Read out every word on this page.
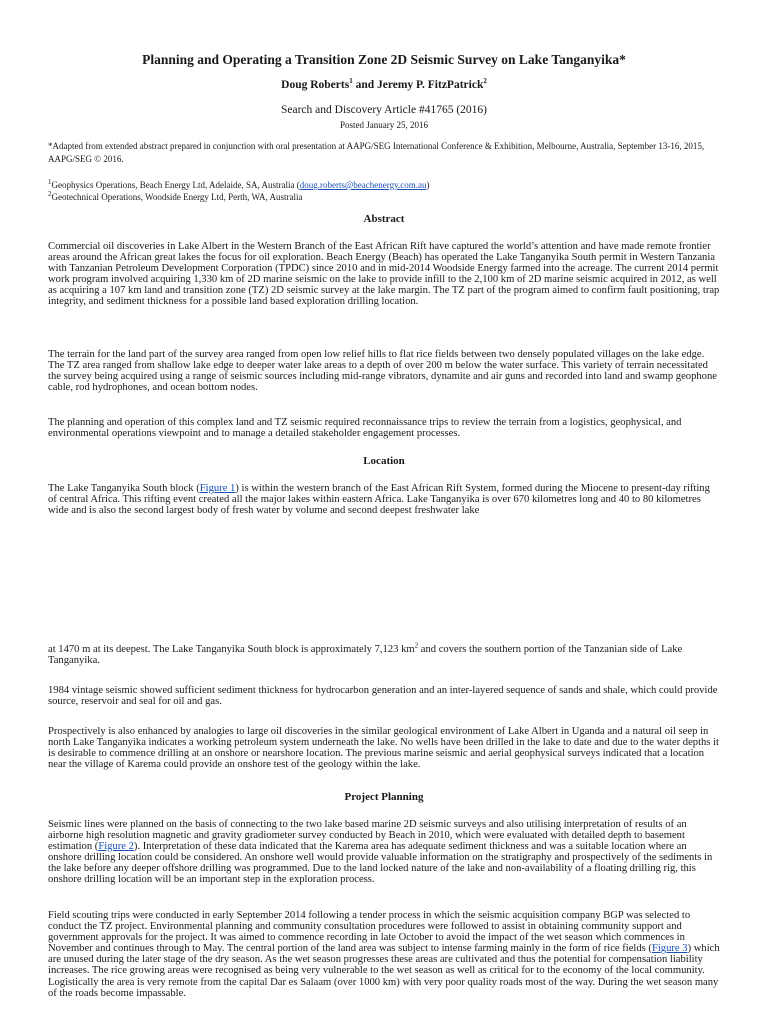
Planning and Operating a Transition Zone 2D Seismic Survey on Lake Tanganyika*
Doug Roberts$^1$ and Jeremy P. FitzPatrick$^2$
Search and Discovery Article #41765 (2016)
Posted January 25, 2016
*Adapted from extended abstract prepared in conjunction with oral presentation at AAPG/SEG International Conference & Exhibition, Melbourne, Australia, September 13-16, 2015, AAPG/SEG © 2016.
$^1$Geophysics Operations, Beach Energy Ltd, Adelaide, SA, Australia (doug.roberts@beachenergy.com.au)
$^2$Geotechnical Operations, Woodside Energy Ltd, Perth, WA, Australia
Abstract
Commercial oil discoveries in Lake Albert in the Western Branch of the East African Rift have captured the world’s attention and have made remote frontier areas around the African great lakes the focus for oil exploration. Beach Energy (Beach) has operated the Lake Tanganyika South permit in Western Tanzania with Tanzanian Petroleum Development Corporation (TPDC) since 2010 and in mid-2014 Woodside Energy farmed into the acreage. The current 2014 permit work program involved acquiring 1,330 km of 2D marine seismic on the lake to provide infill to the 2,100 km of 2D marine seismic acquired in 2012, as well as acquiring a 107 km land and transition zone (TZ) 2D seismic survey at the lake margin. The TZ part of the program aimed to confirm fault positioning, trap integrity, and sediment thickness for a possible land based exploration drilling location.
The terrain for the land part of the survey area ranged from open low relief hills to flat rice fields between two densely populated villages on the lake edge. The TZ area ranged from shallow lake edge to deeper water lake areas to a depth of over 200 m below the water surface. This variety of terrain necessitated the survey being acquired using a range of seismic sources including mid-range vibrators, dynamite and air guns and recorded into land and swamp geophone cable, rod hydrophones, and ocean bottom nodes.
The planning and operation of this complex land and TZ seismic required reconnaissance trips to review the terrain from a logistics, geophysical, and environmental operations viewpoint and to manage a detailed stakeholder engagement processes.
Location
The Lake Tanganyika South block (Figure 1) is within the western branch of the East African Rift System, formed during the Miocene to present-day rifting of central Africa. This rifting event created all the major lakes within eastern Africa. Lake Tanganyika is over 670 kilometres long and 40 to 80 kilometres wide and is also the second largest body of fresh water by volume and second deepest freshwater lake
at 1470 m at its deepest. The Lake Tanganyika South block is approximately 7,123 $km^2$ and covers the southern portion of the Tanzanian side of Lake Tanganyika.
1984 vintage seismic showed sufficient sediment thickness for hydrocarbon generation and an inter-layered sequence of sands and shale, which could provide source, reservoir and seal for oil and gas.
Prospectively is also enhanced by analogies to large oil discoveries in the similar geological environment of Lake Albert in Uganda and a natural oil seep in north Lake Tanganyika indicates a working petroleum system underneath the lake. No wells have been drilled in the lake to date and due to the water depths it is desirable to commence drilling at an onshore or nearshore location. The previous marine seismic and aerial geophysical surveys indicated that a location near the village of Karema could provide an onshore test of the geology within the lake.
Project Planning
Seismic lines were planned on the basis of connecting to the two lake based marine 2D seismic surveys and also utilising interpretation of results of an airborne high resolution magnetic and gravity gradiometer survey conducted by Beach in 2010, which were evaluated with detailed depth to basement estimation (Figure 2). Interpretation of these data indicated that the Karema area has adequate sediment thickness and was a suitable location where an onshore drilling location could be considered. An onshore well would provide valuable information on the stratigraphy and prospectively of the sediments in the lake before any deeper offshore drilling was programmed. Due to the land locked nature of the lake and non-availability of a floating drilling rig, this onshore drilling location will be an important step in the exploration process.
Field scouting trips were conducted in early September 2014 following a tender process in which the seismic acquisition company BGP was selected to conduct the TZ project. Environmental planning and community consultation procedures were followed to assist in obtaining community support and government approvals for the project. It was aimed to commence recording in late October to avoid the impact of the wet season which commences in November and continues through to May. The central portion of the land area was subject to intense farming mainly in the form of rice fields (Figure 3) which are unused during the later stage of the dry season. As the wet season progresses these areas are cultivated and thus the potential for compensation liability increases. The rice growing areas were recognised as being very vulnerable to the wet season as well as critical for to the economy of the local community. Logistically the area is very remote from the capital Dar es Salaam (over 1000 km) with very poor quality roads most of the way. During the wet season many of the roads become impassable.
